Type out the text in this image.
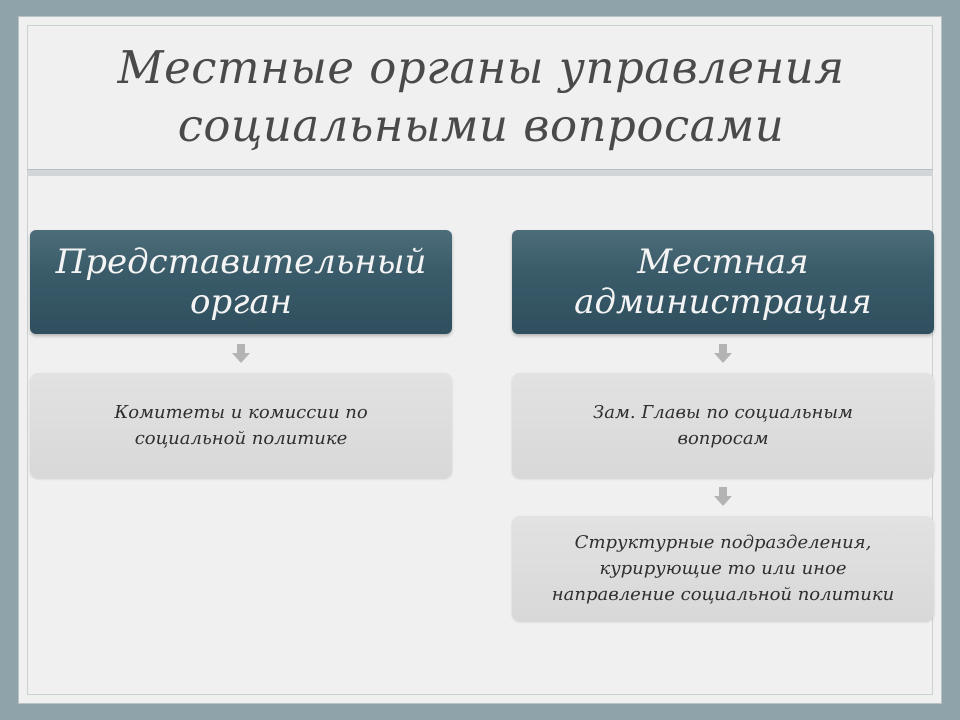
Местные органы управления
социальными вопросами
Представительный
орган
Комитеты и комиссии по
социальной политике
Местная
администрация
Зам. Главы по социальным
вопросам
Структурные подразделения,
курирующие то или иное
направление социальной политики
